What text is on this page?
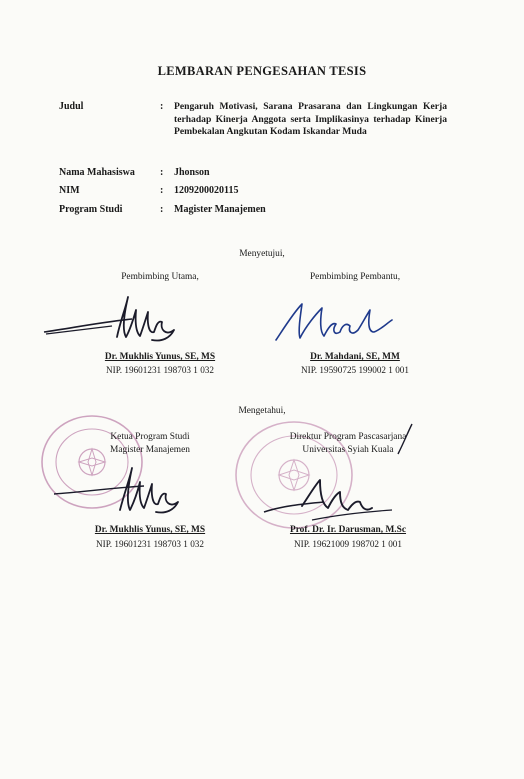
LEMBARAN PENGESAHAN TESIS
Judul	: Pengaruh Motivasi, Sarana Prasarana dan Lingkungan Kerja terhadap Kinerja Anggota serta Implikasinya terhadap Kinerja Pembekalan Angkutan Kodam Iskandar Muda
Nama Mahasiswa	: Jhonson
NIM	: 1209200020115
Program Studi	: Magister Manajemen
Menyetujui,
Pembimbing Utama,	Pembimbing Pembantu,
Dr. Mukhlis Yunus, SE, MS
NIP. 19601231 198703 1 032
Dr. Mahdani, SE, MM
NIP. 19590725 199002 1 001
Mengetahui,
Ketua Program Studi
Magister Manajemen
Direktur Program Pascasarjana
Universitas Syiah Kuala
Dr. Mukhlis Yunus, SE, MS
NIP. 19601231 198703 1 032
Prof. Dr. Ir. Darusman, M.Sc
NIP. 19621009 198702 1 001
